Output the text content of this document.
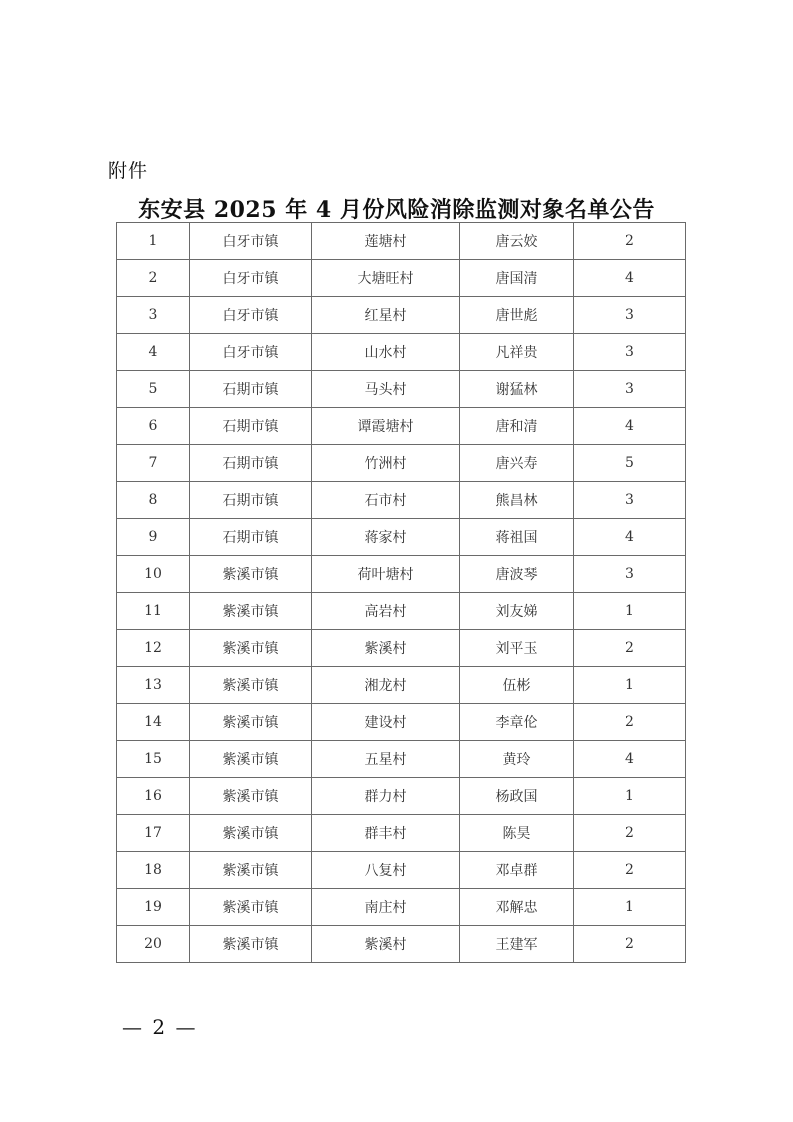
附件
东安县 2025 年 4 月份风险消除监测对象名单公告
1	白牙市镇	莲塘村	唐云姣	2
2	白牙市镇	大塘旺村	唐国清	4
3	白牙市镇	红星村	唐世彪	3
4	白牙市镇	山水村	凡祥贵	3
5	石期市镇	马头村	谢猛林	3
6	石期市镇	谭霞塘村	唐和清	4
7	石期市镇	竹洲村	唐兴寿	5
8	石期市镇	石市村	熊昌林	3
9	石期市镇	蒋家村	蒋祖国	4
10	紫溪市镇	荷叶塘村	唐波琴	3
11	紫溪市镇	高岩村	刘友娣	1
12	紫溪市镇	紫溪村	刘平玉	2
13	紫溪市镇	湘龙村	伍彬	1
14	紫溪市镇	建设村	李章伦	2
15	紫溪市镇	五星村	黄玲	4
16	紫溪市镇	群力村	杨政国	1
17	紫溪市镇	群丰村	陈昊	2
18	紫溪市镇	八复村	邓卓群	2
19	紫溪市镇	南庄村	邓解忠	1
20	紫溪市镇	紫溪村	王建军	2
— 2 —
